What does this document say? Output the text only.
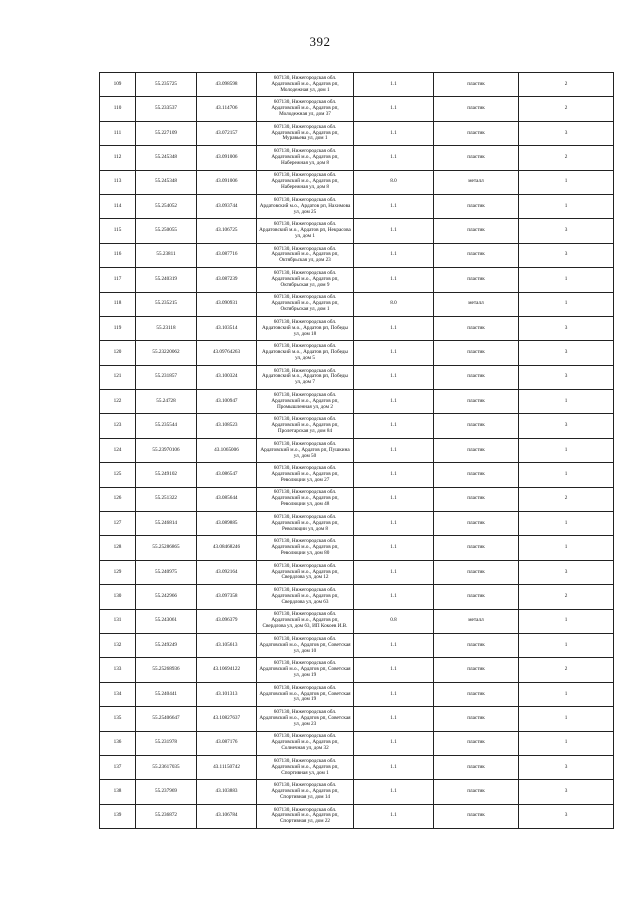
392
109	55.235725	43.098598	607130, Нижегородская обл.
Ардатовский м.о., Ардатов рп,
Молодежная ул, дом 1	1.1	пластик	2
110	55.233537	43.114706	607130, Нижегородская обл.
Ардатовский м.о., Ардатов рп,
Молодежная ул, дом 37	1.1	пластик	2
111	55.227109	43.072157	607130, Нижегородская обл.
Ардатовский м.о., Ардатов рп,
Муравьева ул, дом 1	1.1	пластик	3
112	55.245348	43.091006	607130, Нижегородская обл.
Ардатовский м.о., Ардатов рп,
Набережная ул, дом 8	1.1	пластик	2
113	55.245348	43.091006	607130, Нижегородская обл.
Ардатовский м.о., Ардатов рп,
Набережная ул, дом 8	8.0	металл	1
114	55.254052	43.093744	607130, Нижегородская обл.
Ардатовский м.о., Ардатов рп, Нахимова
ул, дом 25	1.1	пластик	1
115	55.250055	43.106725	607130, Нижегородская обл.
Ардатовский м.о., Ардатов рп, Некрасова
ул, дом 1	1.1	пластик	3
116	55.23811	43.087716	607130, Нижегородская обл.
Ардатовский м.о., Ардатов рп,
Октябрьская ул, дом 23	1.1	пластик	3
117	55.240319	43.087239	607130, Нижегородская обл.
Ардатовский м.о., Ардатов рп,
Октябрьская ул, дом 9	1.1	пластик	1
118	55.235215	43.090931	607130, Нижегородская обл.
Ардатовский м.о., Ардатов рп,
Октябрьская ул, дом 1	8.0	металл	1
119	55.23118	43.103514	607130, Нижегородская обл.
Ардатовский м.о., Ардатов рп, Победы
ул, дом 18	1.1	пластик	3
120	55.23220062	43.09764263	607130, Нижегородская обл.
Ардатовский м.о., Ардатов рп, Победы
ул, дом 5	1.1	пластик	3
121	55.231857	43.100324	607130, Нижегородская обл.
Ардатовский м.о., Ардатов рп, Победы
ул, дом 7	1.1	пластик	3
122	55.24728	43.100947	607130, Нижегородская обл.
Ардатовский м.о., Ардатов рп,
Промышленная ул, дом 2	1.1	пластик	1
123	55.235544	43.108523	607130, Нижегородская обл.
Ардатовский м.о., Ардатов рп,
Пролетарская ул, дом 84	1.1	пластик	3
124	55.23970106	43.1065006	607130, Нижегородская обл.
Ардатовский м.о., Ардатов рп, Пушкина
ул, дом 50	1.1	пластик	1
125	55.249102	43.086547	607130, Нижегородская обл.
Ардатовский м.о., Ардатов рп,
Революции ул, дом 27	1.1	пластик	1
126	55.251322	43.085644	607130, Нижегородская обл.
Ардатовский м.о., Ардатов рп,
Революции ул, дом 48	1.1	пластик	2
127	55.246814	43.089885	607130, Нижегородская обл.
Ардатовский м.о., Ардатов рп,
Революции ул, дом 8	1.1	пластик	1
128	55.25286865	43.08468246	607130, Нижегородская обл.
Ардатовский м.о., Ардатов рп,
Революции ул, дом 80	1.1	пластик	1
129	55.240975	43.092164	607130, Нижегородская обл.
Ардатовский м.о., Ардатов рп,
Свердлова ул, дом 12	1.1	пластик	3
130	55.242966	43.097358	607130, Нижегородская обл.
Ардатовский м.о., Ардатов рп,
Свердлова ул, дом 63	1.1	пластик	2
131	55.243061	43.096379	607130, Нижегородская обл.
Ардатовский м.о., Ардатов рп,
Свердлова ул, дом 63, ИП Кокоев И.В.	0.8	металл	1
132	55.249249	43.105613	607130, Нижегородская обл.
Ардатовский м.о., Ардатов рп, Советская
ул, дом 10	1.1	пластик	1
133	55.25268936	43.10694122	607130, Нижегородская обл.
Ардатовский м.о., Ардатов рп, Советская
ул, дом 19	1.1	пластик	2
134	55.240441	43.101313	607130, Нижегородская обл.
Ардатовский м.о., Ардатов рп, Советская
ул, дом 19	1.1	пластик	1
135	55.25406647	43.10827637	607130, Нижегородская обл.
Ардатовский м.о., Ардатов рп, Советская
ул, дом 23	1.1	пластик	1
136	55.231978	43.087176	607130, Нижегородская обл.
Ардатовский м.о., Ардатов рп,
Солнечная ул, дом 32	1.1	пластик	1
137	55.23617035	43.11150742	607130, Нижегородская обл.
Ардатовский м.о., Ардатов рп,
Спортивная ул, дом 1	1.1	пластик	3
138	55.237969	43.103883	607130, Нижегородская обл.
Ардатовский м.о., Ардатов рп,
Спортивная ул, дом 14	1.1	пластик	3
139	55.236872	43.106784	607130, Нижегородская обл.
Ардатовский м.о., Ардатов рп,
Спортивная ул, дом 22	1.1	пластик	3
